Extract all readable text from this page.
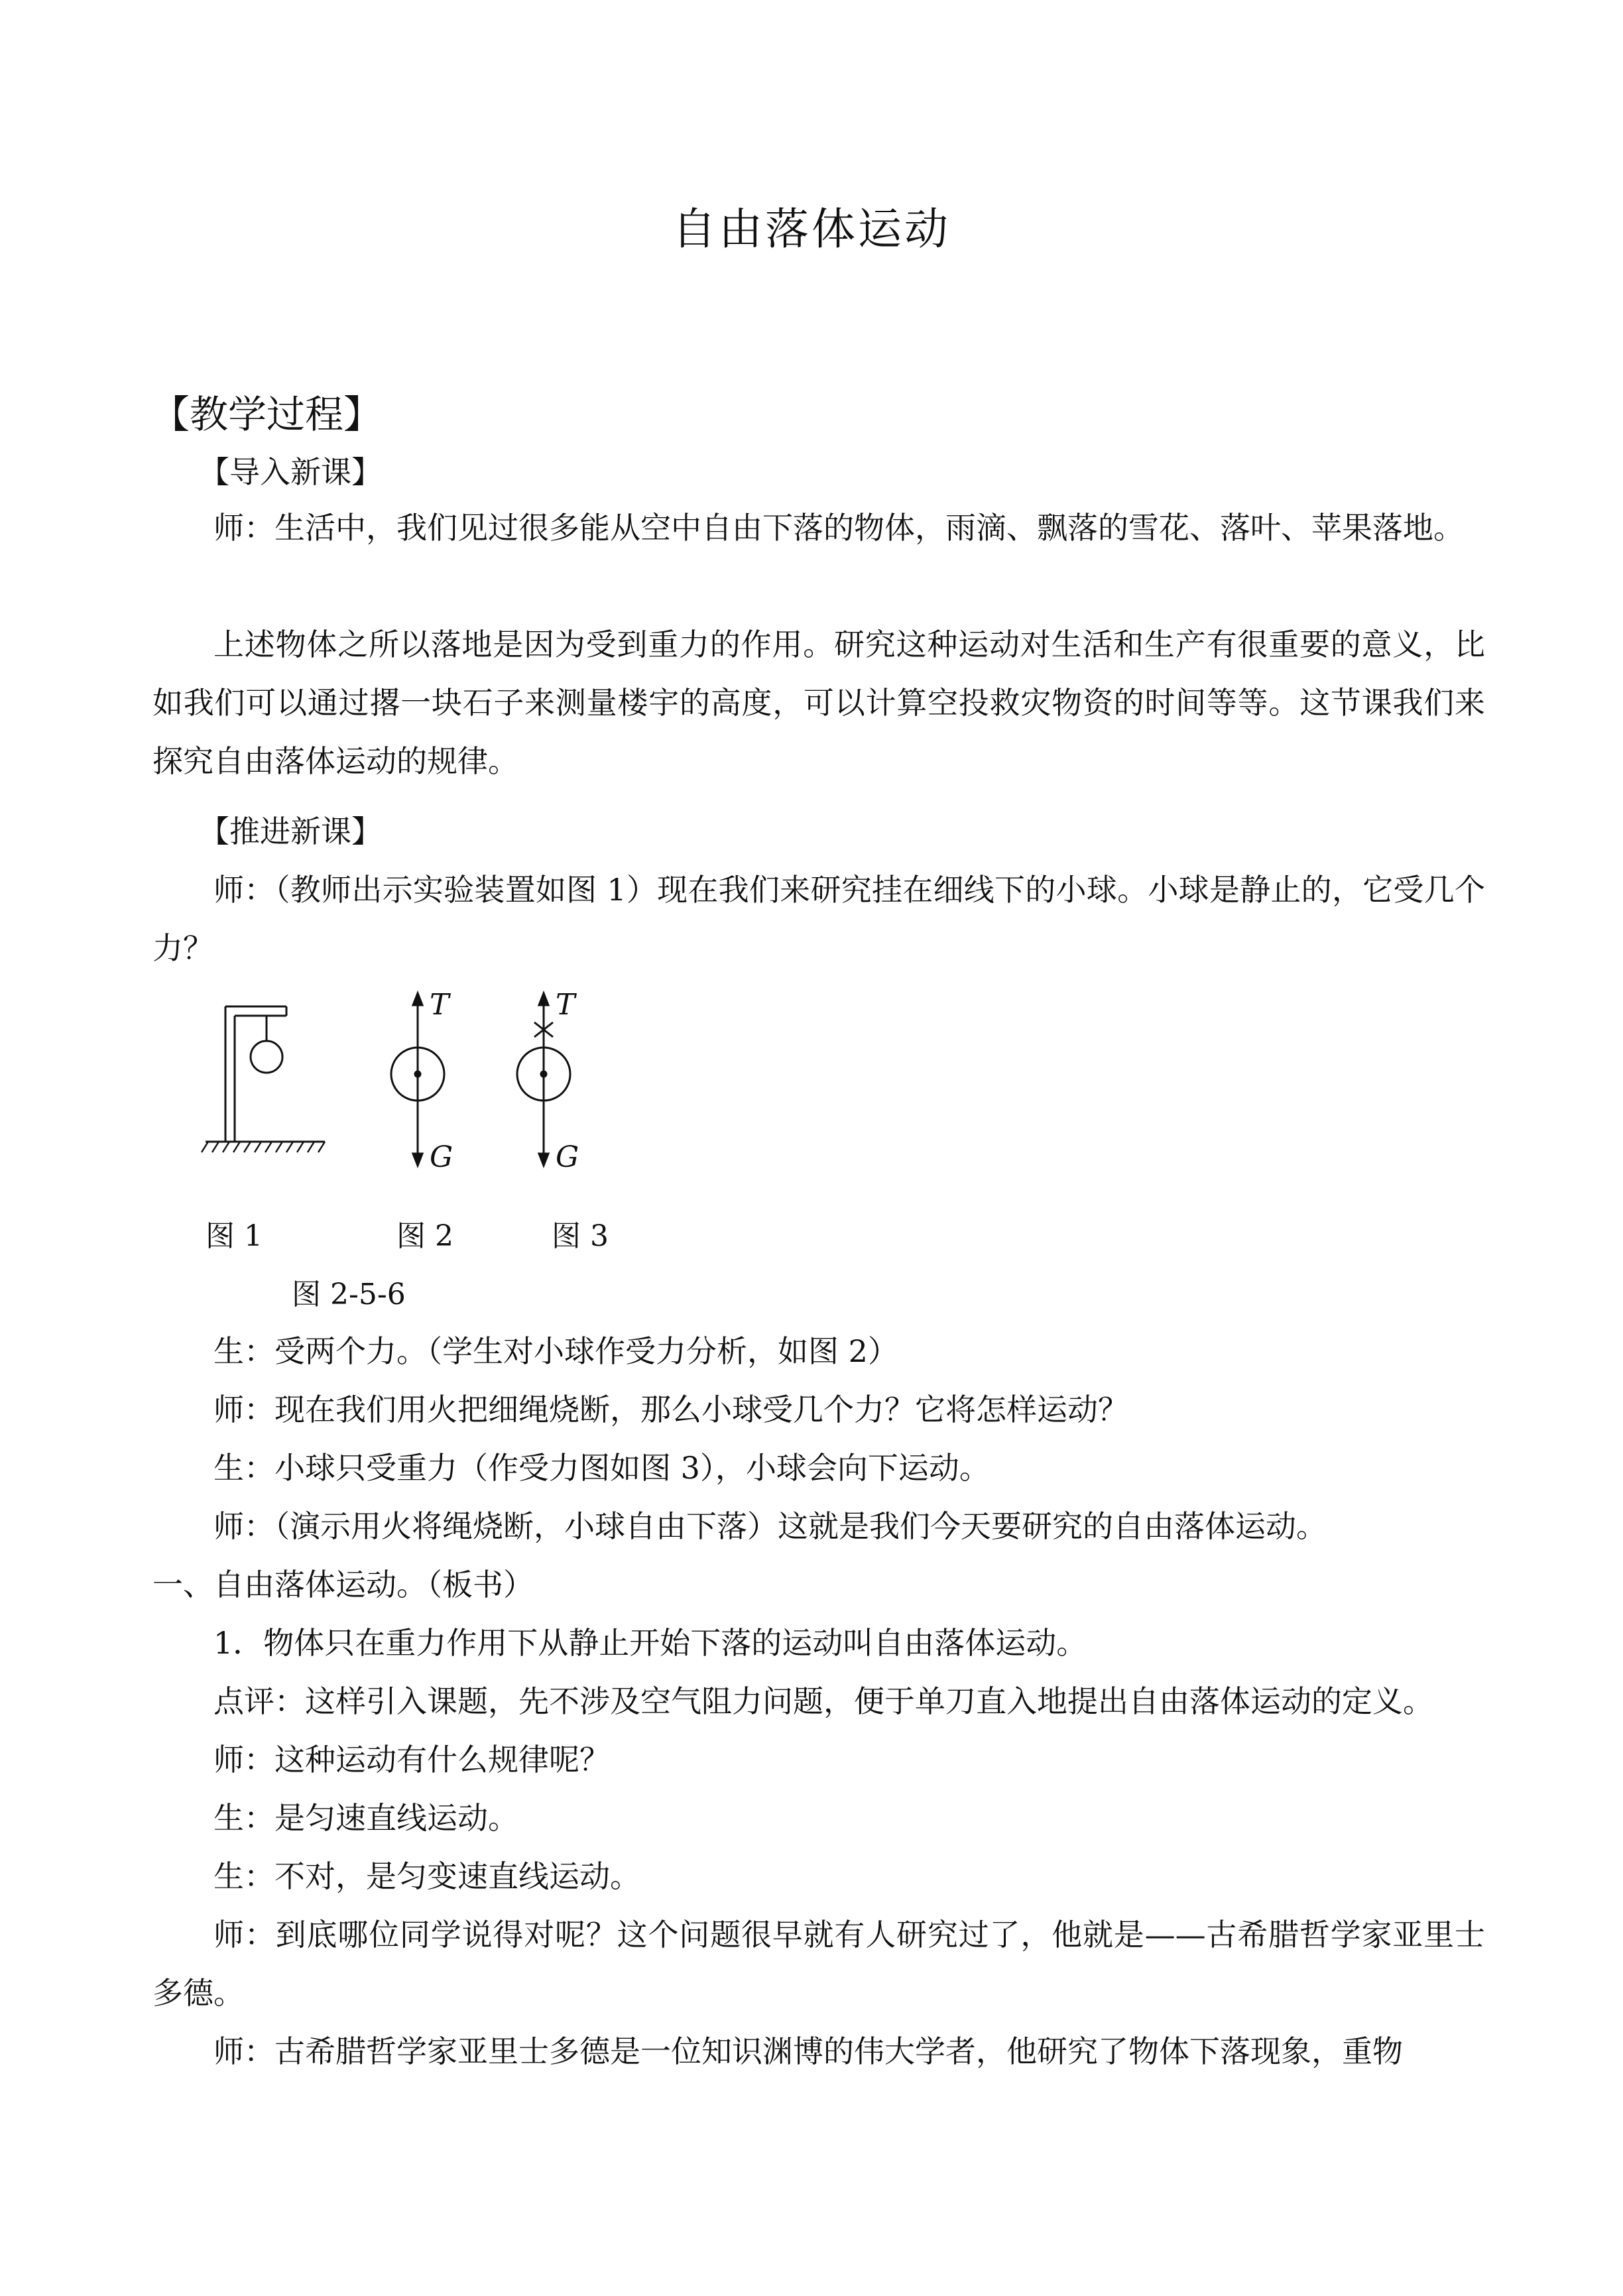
自由落体运动
【教学过程】
【导入新课】

师：生活中，我们见过很多能从空中自由下落的物体，雨滴、飘落的雪花、落叶、苹果落地。

上述物体之所以落地是因为受到重力的作用。研究这种运动对生活和生产有很重要的意义，比如我们可以通过撂一块石子来测量楼宇的高度，可以计算空投救灾物资的时间等等。这节课我们来探究自由落体运动的规律。

【推进新课】

师：（教师出示实验装置如图 1）现在我们来研究挂在细线下的小球。小球是静止的，它受几个力？

T
G
T
G
图 1	图 2	图 3
图 2-5-6

生：受两个力。（学生对小球作受力分析，如图 2）

师：现在我们用火把细绳烧断，那么小球受几个力？它将怎样运动？

生：小球只受重力（作受力图如图 3），小球会向下运动。

师：（演示用火将绳烧断，小球自由下落）这就是我们今天要研究的自由落体运动。

一、自由落体运动。（板书）

1．物体只在重力作用下从静止开始下落的运动叫自由落体运动。

点评：这样引入课题，先不涉及空气阻力问题，便于单刀直入地提出自由落体运动的定义。

师：这种运动有什么规律呢？

生：是匀速直线运动。

生：不对，是匀变速直线运动。

师：到底哪位同学说得对呢？这个问题很早就有人研究过了，他就是——古希腊哲学家亚里士多德。

师：古希腊哲学家亚里士多德是一位知识渊博的伟大学者，他研究了物体下落现象，重物
